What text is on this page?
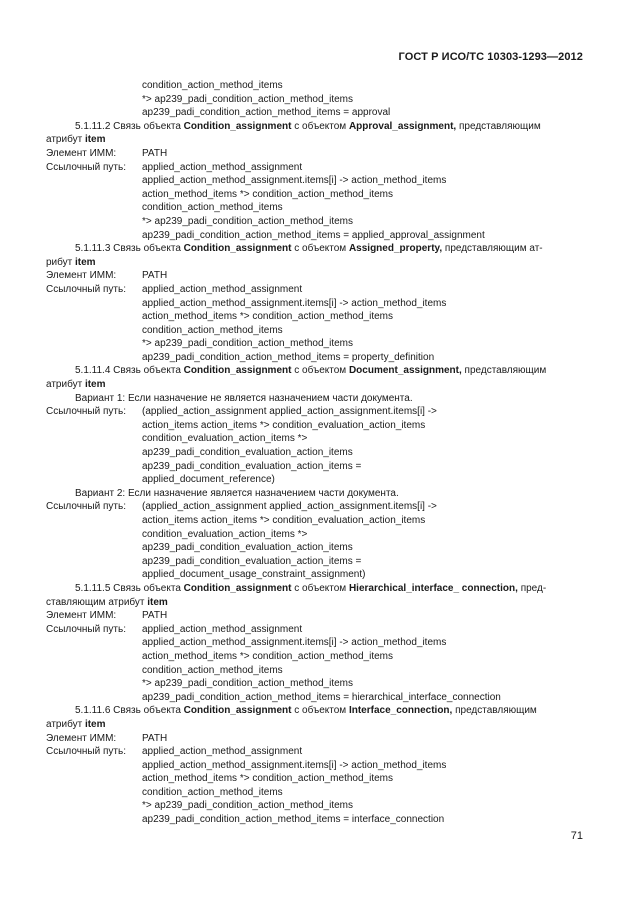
ГОСТ Р ИСО/ТС 10303-1293—2012
condition_action_method_items
*> ap239_padi_condition_action_method_items
ap239_padi_condition_action_method_items = approval
5.1.11.2 Связь объекта Condition_assignment с объектом Approval_assignment, представляющим
атрибут item
Элемент ИММ:	PATH
Ссылочный путь: applied_action_method_assignment
applied_action_method_assignment.items[i] -> action_method_items
action_method_items *> condition_action_method_items
condition_action_method_items
*> ap239_padi_condition_action_method_items
ap239_padi_condition_action_method_items = applied_approval_assignment
5.1.11.3 Связь объекта Condition_assignment с объектом Assigned_property, представляющим ат-
рибут item
Элемент ИММ:	PATH
Ссылочный путь: applied_action_method_assignment
applied_action_method_assignment.items[i] -> action_method_items
action_method_items *> condition_action_method_items
condition_action_method_items
*> ap239_padi_condition_action_method_items
ap239_padi_condition_action_method_items = property_definition
5.1.11.4 Связь объекта Condition_assignment с объектом Document_assignment, представляющим
атрибут item
Вариант 1: Если назначение не является назначением части документа.
Ссылочный путь: (applied_action_assignment applied_action_assignment.items[i] ->
action_items action_items *> condition_evaluation_action_items
condition_evaluation_action_items *>
ap239_padi_condition_evaluation_action_items
ap239_padi_condition_evaluation_action_items =
applied_document_reference)
Вариант 2: Если назначение является назначением части документа.
Ссылочный путь: (applied_action_assignment applied_action_assignment.items[i] ->
action_items action_items *> condition_evaluation_action_items
condition_evaluation_action_items *>
ap239_padi_condition_evaluation_action_items
ap239_padi_condition_evaluation_action_items =
applied_document_usage_constraint_assignment)
5.1.11.5 Связь объекта Condition_assignment с объектом Hierarchical_interface_ connection, пред-
ставляющим атрибут item
Элемент ИММ:	PATH
Ссылочный путь: applied_action_method_assignment
applied_action_method_assignment.items[i] -> action_method_items
action_method_items *> condition_action_method_items
condition_action_method_items
*> ap239_padi_condition_action_method_items
ap239_padi_condition_action_method_items = hierarchical_interface_connection
5.1.11.6 Связь объекта Condition_assignment с объектом Interface_connection, представляющим
атрибут item
Элемент ИММ:	PATH
Ссылочный путь: applied_action_method_assignment
applied_action_method_assignment.items[i] -> action_method_items
action_method_items *> condition_action_method_items
condition_action_method_items
*> ap239_padi_condition_action_method_items
ap239_padi_condition_action_method_items = interface_connection
71
